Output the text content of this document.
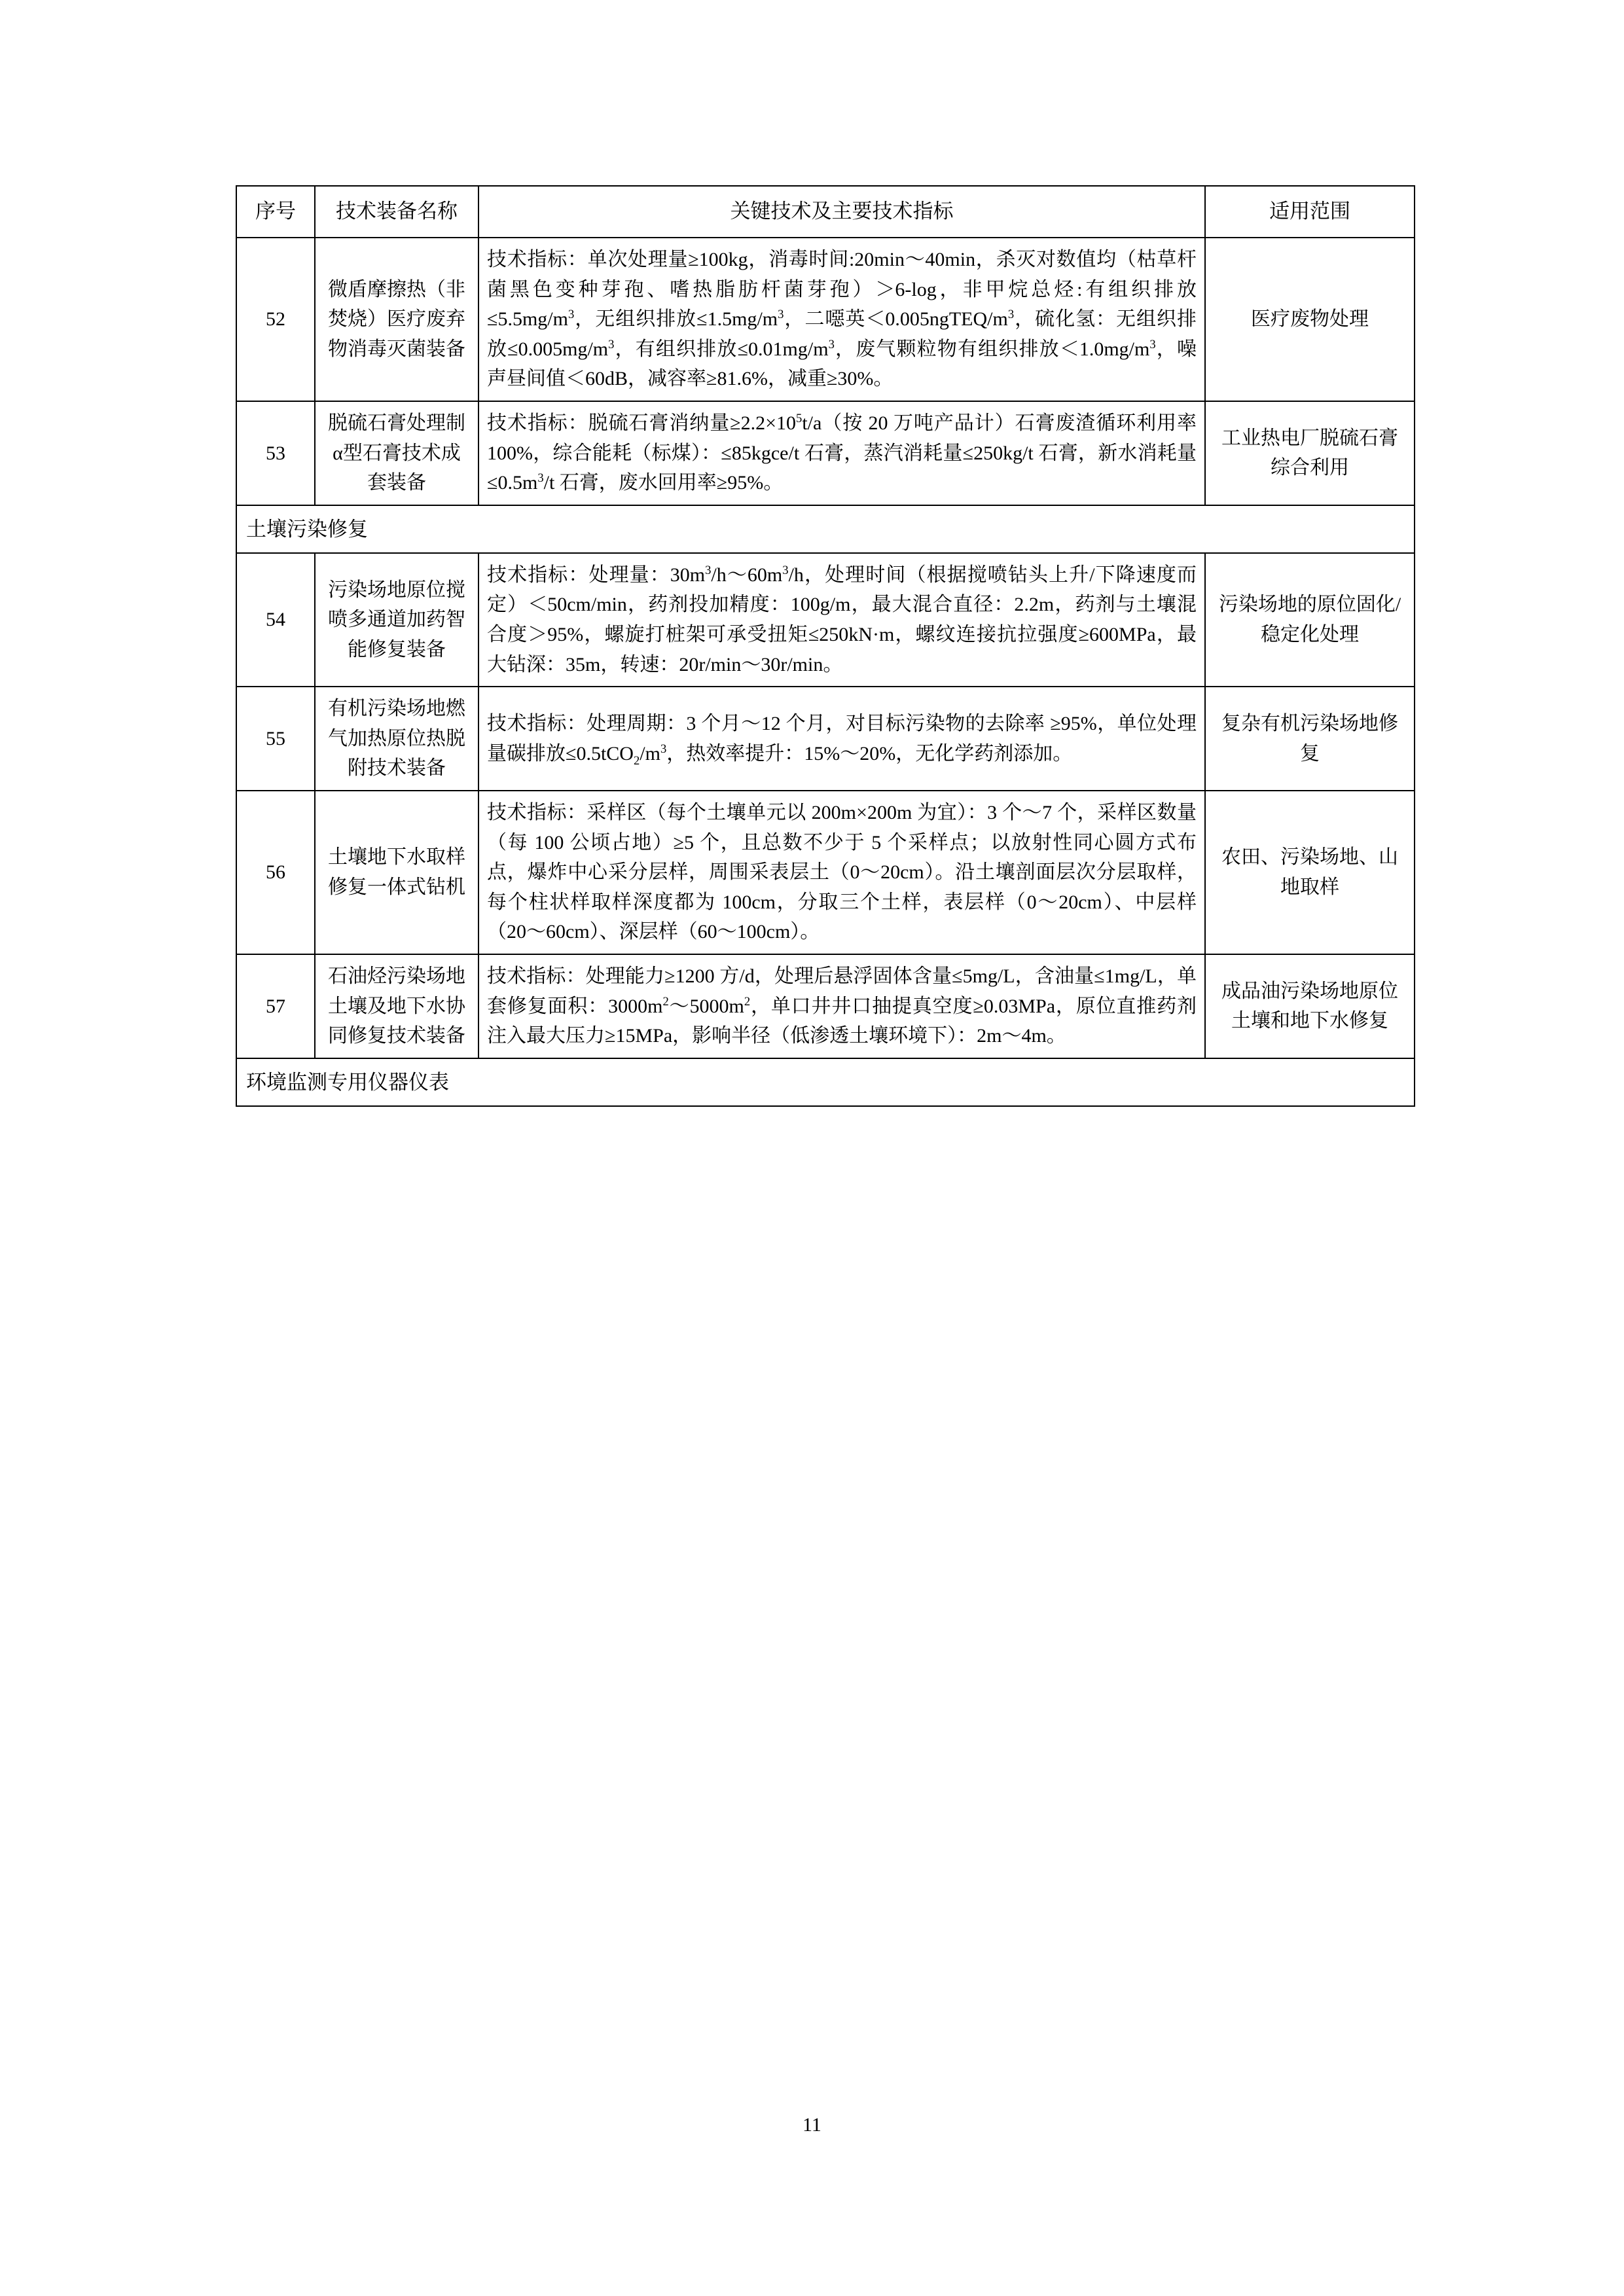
序号	技术装备名称	关键技术及主要技术指标	适用范围
52	微盾摩擦热（非焚烧）医疗废弃物消毒灭菌装备	技术指标：单次处理量≥100kg，消毒时间:20min～40min，杀灭对数值均（枯草杆菌黑色变种芽孢、嗜热脂肪杆菌芽孢）＞6-log，非甲烷总烃:有组织排放$\le 5.5mg/m^3$，无组织排放$\le 1.5mg/m^3$，二噁英$<0.005ngTEQ/m^3$，硫化氢：无组织排放$\le 0.005mg/m^3$，有组织排放$\le 0.01mg/m^3$，废气颗粒物有组织排放$<1.0mg/m^3$，噪声昼间值＜60dB，减容率≥81.6%，减重≥30%。	医疗废物处理
53	脱硫石膏处理制α型石膏技术成套装备	技术指标：脱硫石膏消纳量$\ge 2.2\times 10^5t/a$（按 20 万吨产品计）石膏废渣循环利用率 100%，综合能耗（标煤）：≤85kgce/t 石膏，蒸汽消耗量≤250kg/t 石膏，新水消耗量$\le 0.5m^3/t$ 石膏，废水回用率≥95%。	工业热电厂脱硫石膏综合利用
土壤污染修复			
54	污染场地原位搅喷多通道加药智能修复装备	技术指标：处理量：$30m^3/h\sim 60m^3/h$，处理时间（根据搅喷钻头上升/下降速度而定）＜50cm/min，药剂投加精度：100g/m，最大混合直径：2.2m，药剂与土壤混合度＞95%，螺旋打桩架可承受扭矩≤250kN·m，螺纹连接抗拉强度≥600MPa，最大钻深：35m，转速：20r/min～30r/min。	污染场地的原位固化/稳定化处理
55	有机污染场地燃气加热原位热脱附技术装备	技术指标：处理周期：3 个月～12 个月，对目标污染物的去除率 ≥95%，单位处理量碳排放$\le 0.5tCO_2/m^3$，热效率提升：15%～20%，无化学药剂添加。	复杂有机污染场地修复
56	土壤地下水取样修复一体式钻机	技术指标：采样区（每个土壤单元以 200m×200m 为宜）：3 个～7 个，采样区数量（每 100 公顷占地）≥5 个，且总数不少于 5 个采样点；以放射性同心圆方式布点，爆炸中心采分层样，周围采表层土（0～20cm）。沿土壤剖面层次分层取样，每个柱状样取样深度都为 100cm，分取三个土样，表层样（0～20cm）、中层样（20～60cm）、深层样（60～100cm）。	农田、污染场地、山地取样
57	石油烃污染场地土壤及地下水协同修复技术装备	技术指标：处理能力≥1200 方/d，处理后悬浮固体含量≤5mg/L，含油量≤1mg/L，单套修复面积：$3000m^2\sim 5000m^2$，单口井井口抽提真空度≥0.03MPa，原位直推药剂注入最大压力≥15MPa，影响半径（低渗透土壤环境下）：2m～4m。	成品油污染场地原位土壤和地下水修复
环境监测专用仪器仪表			
11
